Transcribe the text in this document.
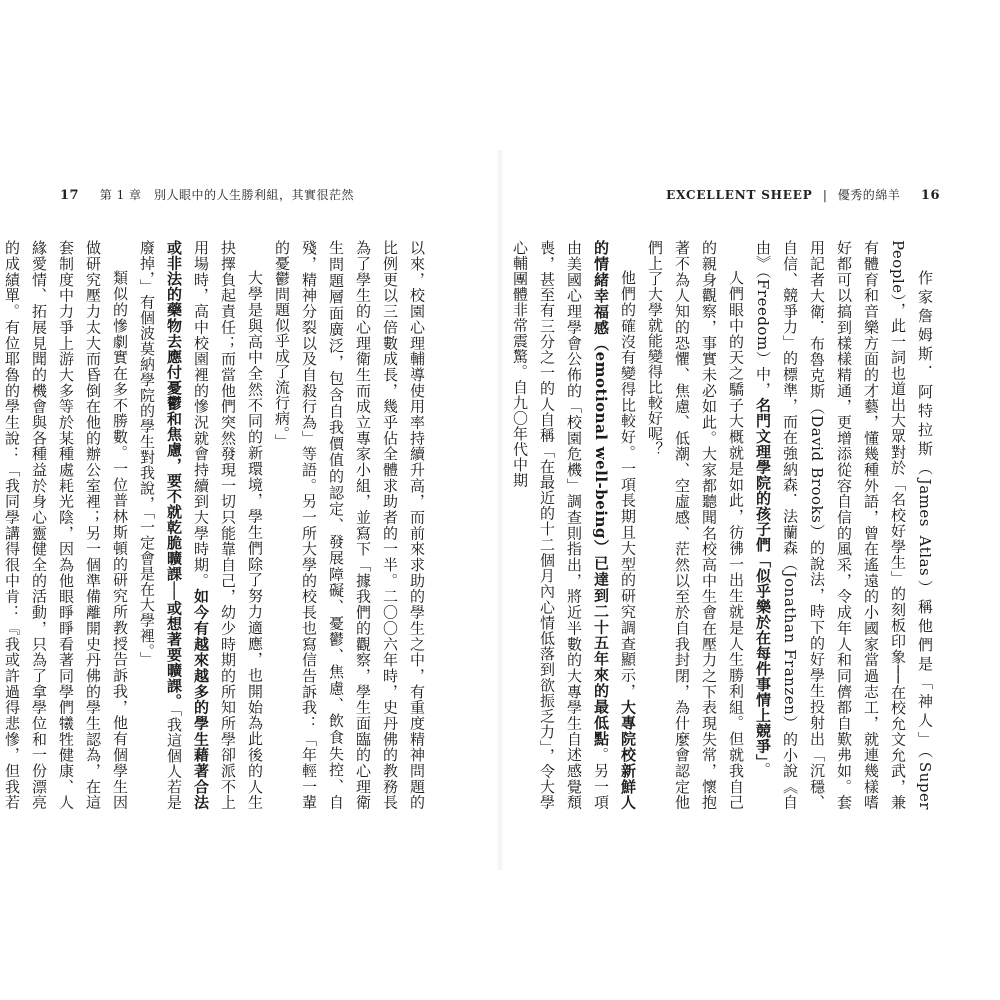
17 第 1 章　別人眼中的人生勝利組，其實很茫然

以來，校園心理輔導使用率持續升高，而前來求助的學生之中，有重度精神問題的比例更以三倍數成長，幾乎佔全體求助者的一半。二〇〇六年時，史丹佛的教務長為了學生的心理衛生而成立專家小組，並寫下「據我們的觀察，學生面臨的心理衛生問題層面廣泛，包含自我價值的認定、發展障礙、憂鬱、焦慮、飲食失控、自殘，精神分裂以及自殺行為」等語。另一所大學的校長也寫信告訴我：「年輕一輩的憂鬱問題似乎成了流行病。」

大學是與高中全然不同的新環境，學生們除了努力適應，也開始為此後的人生抉擇負起責任；而當他們突然發現一切只能靠自己，幼少時期的所知所學卻派不上用場時，高中校園裡的慘況就會持續到大學時期。如今有越來越多的學生藉著合法或非法的藥物去應付憂鬱和焦慮，要不就乾脆曠課──或想著要曠課。「我這個人若是廢掉，」有個波莫納學院的學生對我說，「一定會是在大學裡。」

類似的慘劇實在多不勝數。一位普林斯頓的研究所教授告訴我，他有個學生因做研究壓力太大而昏倒在他的辦公室裡；另一個準備離開史丹佛的學生認為，在這套制度中力爭上游大多等於某種處耗光陰，因為他眼睜睜看著同學們犧牲健康、人緣愛情、拓展見聞的機會與各種益於身心靈健全的活動，只為了拿學位和一份漂亮的成績單。有位耶魯的學生說：「我同學講得很中肯：『我或許過得悲慘，但我若

EXCELLENT SHEEP | 優秀的綿羊 16

作家詹姆斯．阿特拉斯（James Atlas）稱他們是「神人」（Super People），此一詞也道出大眾對於「名校好學生」的刻板印象──在校允文允武，兼有體育和音樂方面的才藝，懂幾種外語，曾在遙遠的小國家當過志工，就連幾樣嗜好都可以搞到樣樣精通，更增添從容自信的風采，令成年人和同儕都自歎弗如。套用記者大衛．布魯克斯（David Brooks）的說法，時下的好學生投射出「沉穩、自信、競爭力」的標準，而在強納森．法蘭森（Jonathan Franzen）的小說《自由》（Freedom）中，名門文理學院的孩子們「似乎樂於在每件事情上競爭」。

人們眼中的天之驕子大概就是如此，彷彿一出生就是人生勝利組。但就我自己的親身觀察，事實未必如此。大家都聽聞名校高中生會在壓力之下表現失常，懷抱著不為人知的恐懼、焦慮、低潮、空虛感、茫然以至於自我封閉，為什麼會認定他們上了大學就能變得比較好呢？

他們的確沒有變得比較好。一項長期且大型的研究調查顯示，大專院校新鮮人的情緒幸福感（emotional well-being）已達到二十五年來的最低點。另一項由美國心理學會公佈的「校園危機」調查則指出，將近半數的大專學生自述感覺頹喪，甚至有三分之一的人自稱「在最近的十二個月內心情低落到欲振乏力」，令大學心輔團體非常震驚。自九〇年代中期
